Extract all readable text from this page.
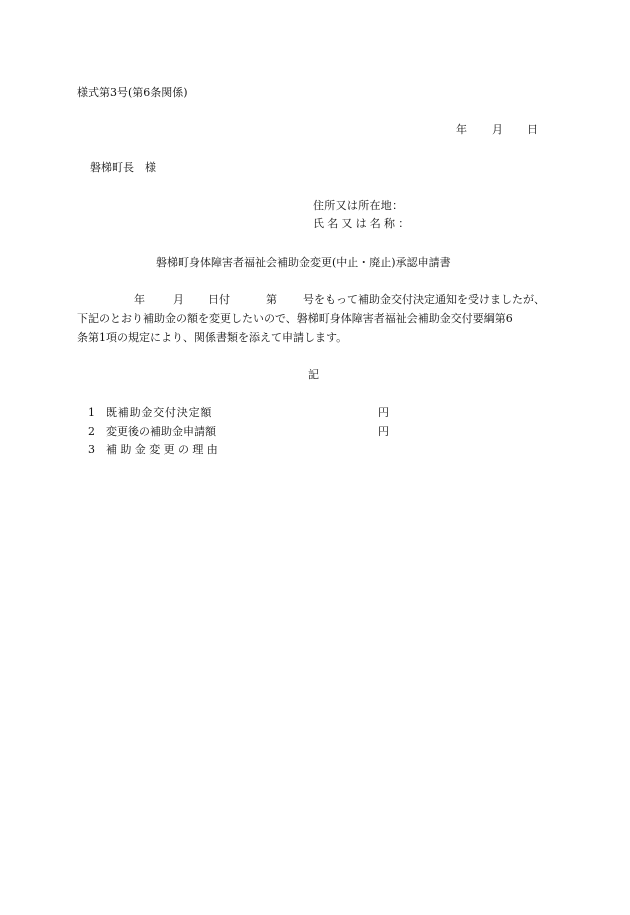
様式第3号(第6条関係)
年 月 日
磐梯町長　様
住所又は所在地：
氏名又は名称：
磐梯町身体障害者福祉会補助金変更(中止・廃止)承認申請書
年	月 日付	第 号をもって補助金交付決定通知を受けましたが、
下記のとおり補助金の額を変更したいので、磐梯町身体障害者福祉会補助金交付要綱第6
条第1項の規定により、関係書類を添えて申請します。
記
1 既補助金交付決定額	円
2 変更後の補助金申請額	円
3 補助金変更の理由
